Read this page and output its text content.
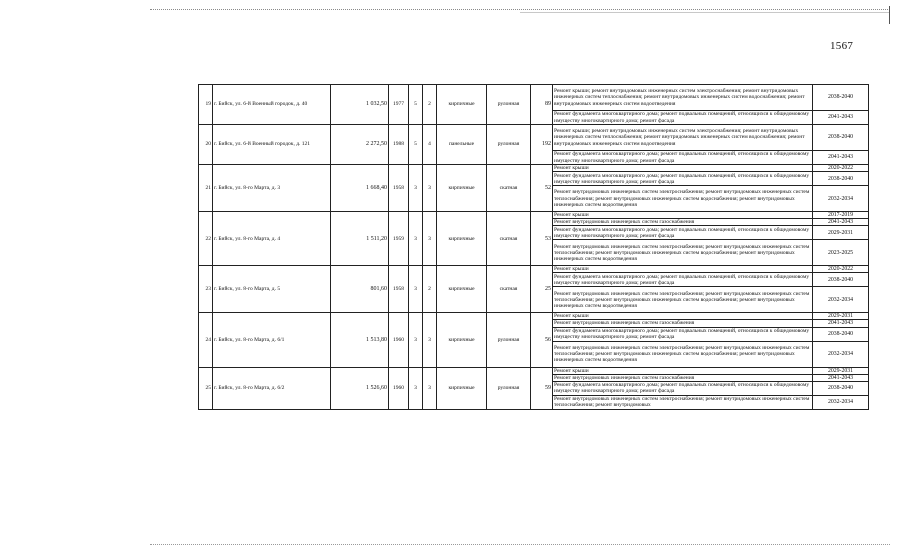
1567
19	г. Бийск, ул. 6-й Военный городок, д. 40	1 032,50	1977	5	2	кирпичные	рулонная	89	Ремонт крыши; ремонт внутридомовых инженерных систем электроснабжения; ремонт внутридомовых инженерных систем теплоснабжения; ремонт внутридомовых инженерных систем водоснабжения; ремонт внутридомовых инженерных систем водоотведения	2038-2040
									Ремонт фундамента многоквартирного дома; ремонт подвальных помещений, относящихся к общедомовому имуществу многоквартирного дома; ремонт фасада	2041-2043
20	г. Бийск, ул. 6-й Военный городок, д. 121	2 272,50	1988	5	4	панельные	рулонная	192	Ремонт крыши; ремонт внутридомовых инженерных систем электроснабжения; ремонт внутридомовых инженерных систем теплоснабжения; ремонт внутридомовых инженерных систем водоснабжения; ремонт внутридомовых инженерных систем водоотведения	2038-2040
									Ремонт фундамента многоквартирного дома; ремонт подвальных помещений, относящихся к общедомовому имуществу многоквартирного дома; ремонт фасада	2041-2043
21	г. Бийск, ул. 8-го Марта, д. 3	1 668,40	1958	3	3	кирпичные	скатная	52	Ремонт крыши	2020-2022
									Ремонт фундамента многоквартирного дома; ремонт подвальных помещений, относящихся к общедомовому имуществу многоквартирного дома; ремонт фасада	2038-2040
									Ремонт внутридомовых инженерных систем электроснабжения; ремонт внутридомовых инженерных систем теплоснабжения; ремонт внутридомовых инженерных систем водоснабжения; ремонт внутридомовых инженерных систем водоотведения	2032-2034
22	г. Бийск, ул. 8-го Марта, д. 4	1 511,20	1959	3	3	кирпичные	скатная	53	Ремонт крыши	2017-2019
									Ремонт внутридомовых инженерных систем газоснабжения	2041-2043
									Ремонт фундамента многоквартирного дома; ремонт подвальных помещений, относящихся к общедомовому имуществу многоквартирного дома; ремонт фасада	2029-2031
									Ремонт внутридомовых инженерных систем электроснабжения; ремонт внутридомовых инженерных систем теплоснабжения; ремонт внутридомовых инженерных систем водоснабжения; ремонт внутридомовых инженерных систем водоотведения	2023-2025
23	г. Бийск, ул. 8-го Марта, д. 5	801,60	1958	3	2	кирпичные	скатная	25	Ремонт крыши	2020-2022
									Ремонт фундамента многоквартирного дома; ремонт подвальных помещений, относящихся к общедомовому имуществу многоквартирного дома; ремонт фасада	2038-2040
									Ремонт внутридомовых инженерных систем электроснабжения; ремонт внутридомовых инженерных систем теплоснабжения; ремонт внутридомовых инженерных систем водоснабжения; ремонт внутридомовых инженерных систем водоотведения	2032-2034
24	г. Бийск, ул. 8-го Марта, д. 6/1	1 513,80	1960	3	3	кирпичные	рулонная	56	Ремонт крыши	2029-2031
									Ремонт внутридомовых инженерных систем газоснабжения	2041-2043
									Ремонт фундамента многоквартирного дома; ремонт подвальных помещений, относящихся к общедомовому имуществу многоквартирного дома; ремонт фасада	2038-2040
									Ремонт внутридомовых инженерных систем электроснабжения; ремонт внутридомовых инженерных систем теплоснабжения; ремонт внутридомовых инженерных систем водоснабжения; ремонт внутридомовых инженерных систем водоотведения	2032-2034
25	г. Бийск, ул. 8-го Марта, д. 6/2	1 526,60	1960	3	3	кирпичные	рулонная	59	Ремонт крыши	2029-2031
									Ремонт внутридомовых инженерных систем газоснабжения	2041-2043
									Ремонт фундамента многоквартирного дома; ремонт подвальных помещений, относящихся к общедомовому имуществу многоквартирного дома; ремонт фасада	2038-2040
									Ремонт внутридомовых инженерных систем электроснабжения; ремонт внутридомовых инженерных систем теплоснабжения; ремонт внутридомовых	2032-2034
